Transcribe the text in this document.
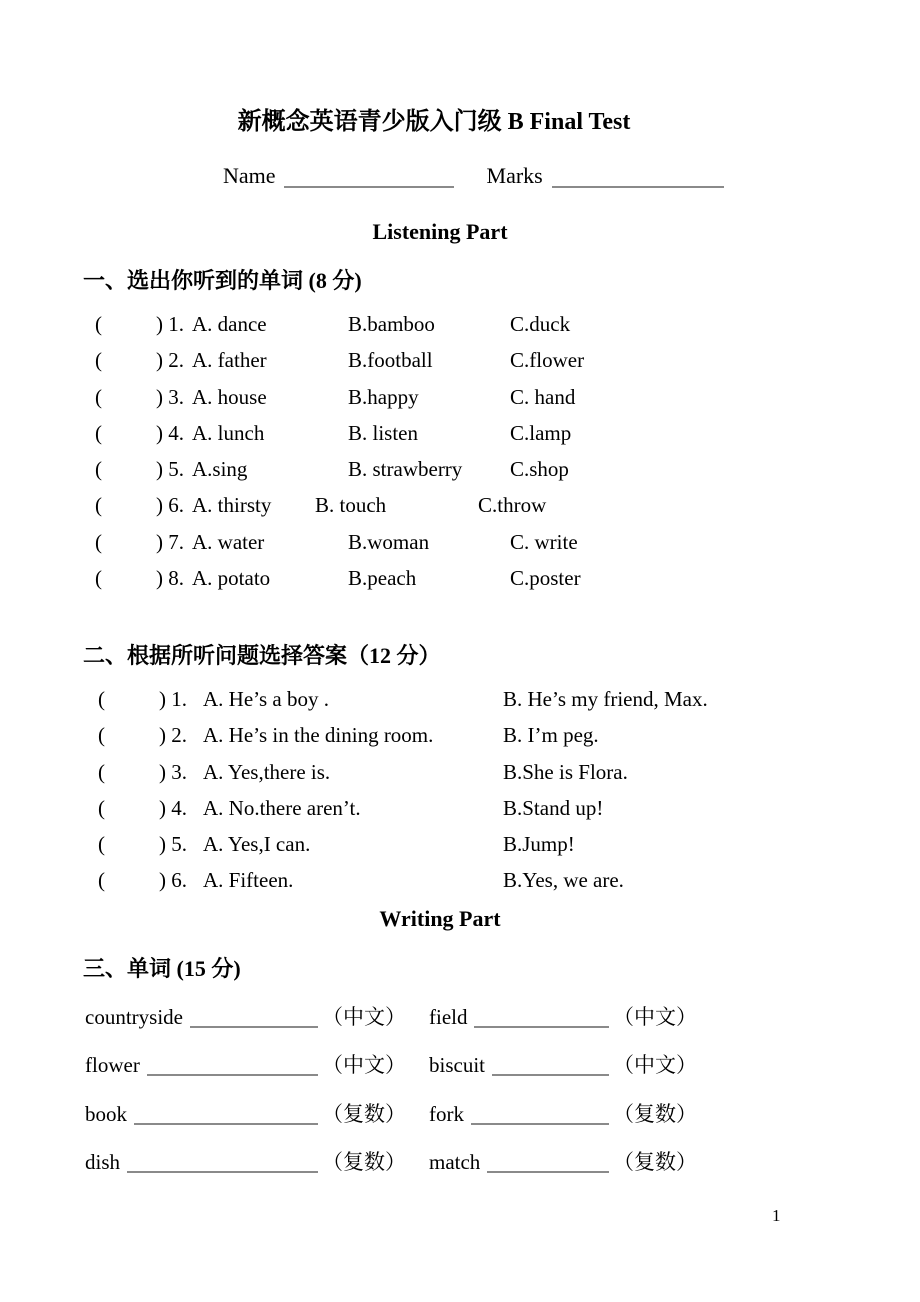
新概念英语青少版入门级 B Final Test
Name	Marks
Listening Part
一、选出你听到的单词 (8 分)
(	) 1. A. dance	B.bamboo	C.duck
(	) 2. A. father	B.football	C.flower
(	) 3. A. house	B.happy	C. hand
(	) 4. A. lunch	B. listen	C.lamp
(	) 5. A.sing	B. strawberry	C.shop
(	) 6. A. thirsty B. touch	C.throw
(	) 7. A. water	B.woman	C. write
(	) 8. A. potato	B.peach	C.poster
二、根据所听问题选择答案（12 分）
(	) 1. A. He’s a boy .	B. He’s my friend, Max.
(	) 2. A. He’s in the dining room.	B. I’m peg.
(	) 3. A. Yes,there is.	B.She is Flora.
(	) 4. A. No.there aren’t.	B.Stand up!
(	) 5. A. Yes,I can.	B.Jump!
(	) 6. A. Fifteen.	B.Yes, we are.
Writing Part
三、单词 (15 分)
countryside	（中文） field	（中文）
flower	（中文） biscuit	（中文）
book	（复数） fork	（复数）
dish	（复数） match	（复数）
1
